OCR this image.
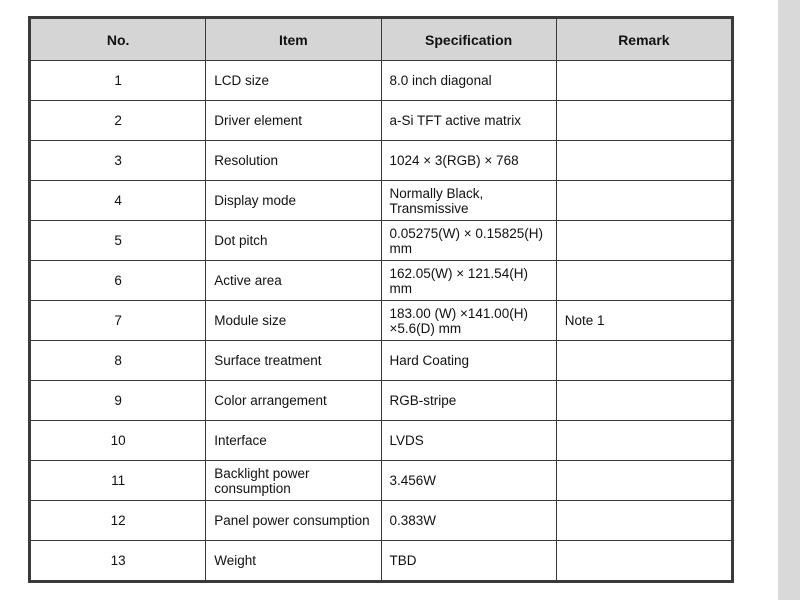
No.	Item	Specification	Remark
1	LCD size	8.0 inch diagonal	
2	Driver element	a-Si TFT active matrix	
3	Resolution	1024 × 3(RGB) × 768	
4	Display mode	Normally Black, Transmissive	
5	Dot pitch	0.05275(W) × 0.15825(H) mm	
6	Active area	162.05(W) × 121.54(H) mm	
7	Module size	183.00 (W) ×141.00(H) ×5.6(D) mm	Note 1
8	Surface treatment	Hard Coating	
9	Color arrangement	RGB-stripe	
10	Interface	LVDS	
11	Backlight power consumption	3.456W	
12	Panel power consumption	0.383W	
13	Weight	TBD	
